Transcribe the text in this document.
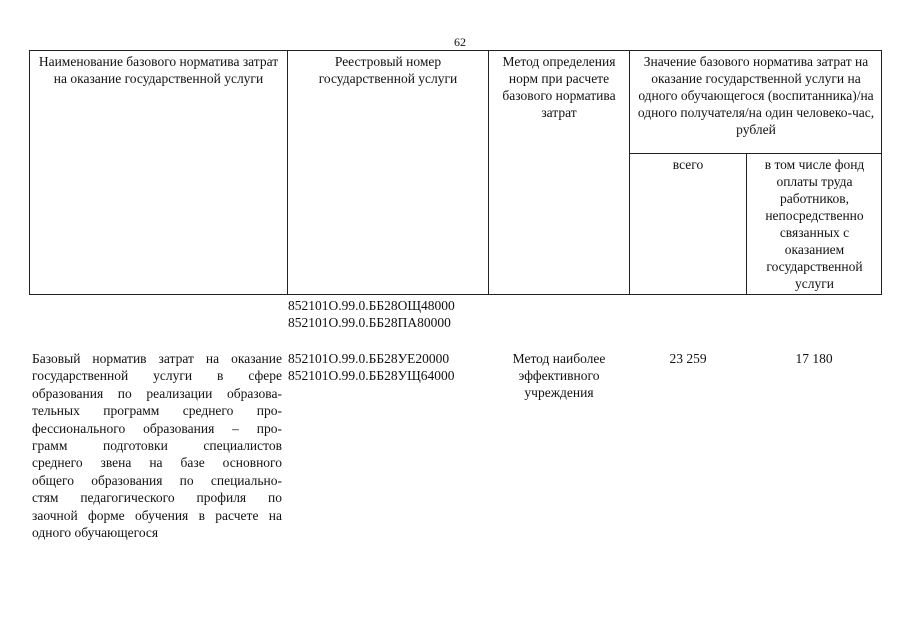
62
Наименование базового норматива затрат на оказание государственной услуги
Реестровый номер государственной услуги
Метод определения норм при расчете базового норматива затрат
Значение базового норматива затрат на оказание государственной услуги на одного обучающегося (воспитанника)/на одного получателя/на один человеко-час, рублей
всего	в том числе фонд оплаты труда работников, непосредственно связанных с оказанием государственной услуги
852101О.99.0.ББ28ОЩ48000
852101О.99.0.ББ28ПА80000
Базовый норматив затрат на оказание
государственной услуги в сфере
образования по реализации образова-
тельных программ среднего про-
фессионального образования – про-
грамм подготовки специалистов
среднего звена на базе основного
общего образования по специально-
стям педагогического профиля по
заочной форме обучения в расчете на
одного обучающегося
852101О.99.0.ББ28УЕ20000
852101О.99.0.ББ28УЩ64000
Метод наиболее эффективного учреждения
23 259	17 180
